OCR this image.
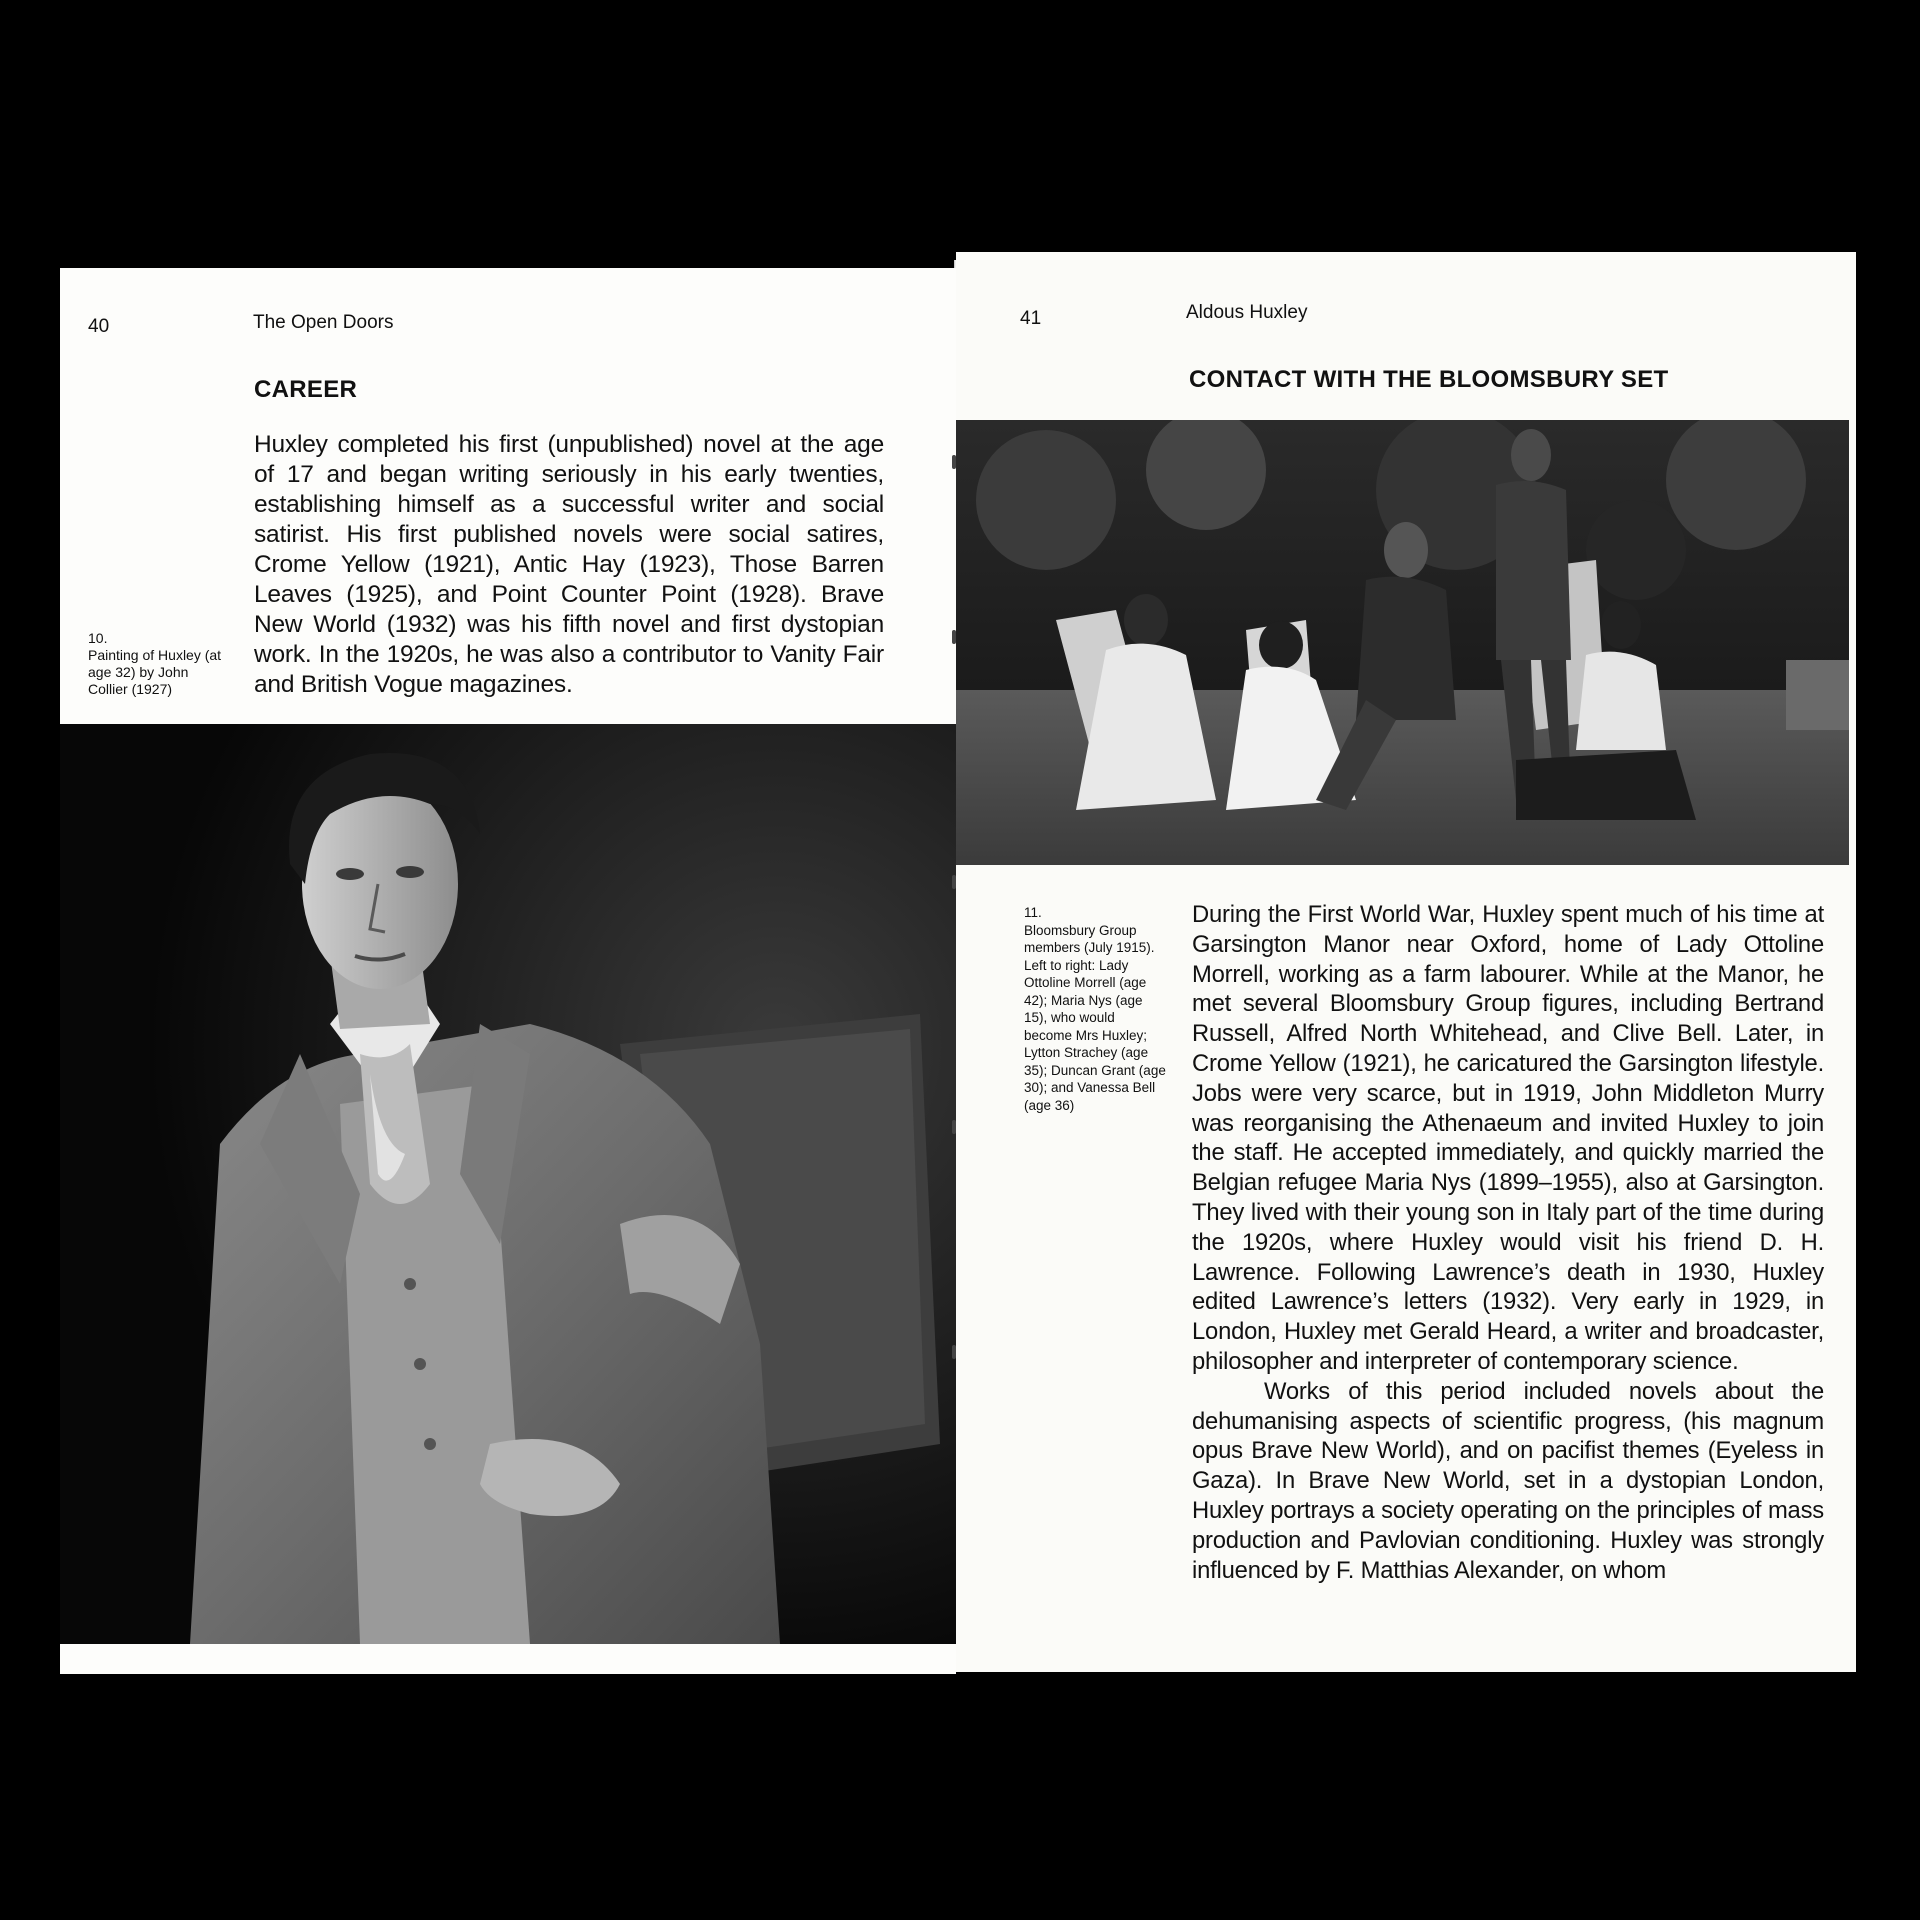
40	The Open Doors
CAREER
Huxley completed his first (unpublished) novel at the age of 17 and began writing seriously in his early twenties, establishing himself as a successful writer and social satirist. His first published novels were social satires, Crome Yellow (1921), Antic Hay (1923), Those Barren Leaves (1925), and Point Counter Point (1928). Brave New World (1932) was his fifth novel and first dystopian work. In the 1920s, he was also a contributor to Vanity Fair and British Vogue magazines.
10.
Painting of Huxley (at age 32) by John Collier (1927)
41	Aldous Huxley
CONTACT WITH THE BLOOMSBURY SET
11.
Bloomsbury Group members (July 1915). Left to right: Lady Ottoline Morrell (age 42); Maria Nys (age 15), who would become Mrs Huxley; Lytton Strachey (age 35); Duncan Grant (age 30); and Vanessa Bell (age 36)

During the First World War, Huxley spent much of his time at Garsington Manor near Oxford, home of Lady Ottoline Morrell, working as a farm labourer. While at the Manor, he met several Bloomsbury Group figures, including Bertrand Russell, Alfred North Whitehead, and Clive Bell. Later, in Crome Yellow (1921), he caricatured the Garsington lifestyle. Jobs were very scarce, but in 1919, John Middleton Murry was reorganising the Athenaeum and invited Huxley to join the staff. He accepted immediately, and quickly married the Belgian refugee Maria Nys (1899–1955), also at Garsington. They lived with their young son in Italy part of the time during the 1920s, where Huxley would visit his friend D. H. Lawrence. Following Lawrence’s death in 1930, Huxley edited Lawrence’s letters (1932). Very early in 1929, in London, Huxley met Gerald Heard, a writer and broadcaster, philosopher and interpreter of contemporary science.

Works of this period included novels about the dehumanising aspects of scientific progress, (his magnum opus Brave New World), and on pacifist themes (Eyeless in Gaza). In Brave New World, set in a dystopian London, Huxley portrays a society operating on the principles of mass production and Pavlovian conditioning. Huxley was strongly influenced by F. Matthias Alexander, on whom
